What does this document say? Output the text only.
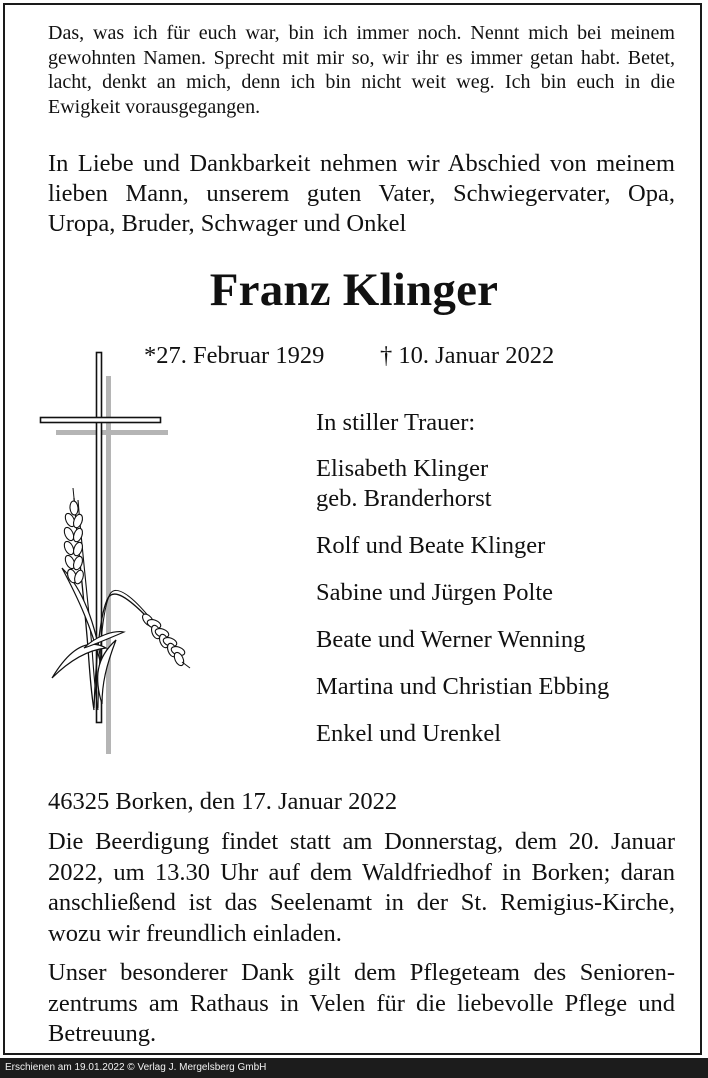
Das, was ich für euch war, bin ich immer noch. Nennt mich bei meinem gewohnten Namen. Sprecht mit mir so, wir ihr es immer getan habt. Betet, lacht, denkt an mich, denn ich bin nicht weit weg. Ich bin euch in die Ewigkeit vorausgegangen.
In Liebe und Dankbarkeit nehmen wir Abschied von meinem lieben Mann, unserem guten Vater, Schwiegervater, Opa, Uropa, Bruder, Schwager und Onkel
Franz Klinger
*27. Februar 1929 † 10. Januar 2022
In stiller Trauer:
Elisabeth Klinger
geb. Branderhorst
Rolf und Beate Klinger
Sabine und Jürgen Polte
Beate und Werner Wenning
Martina und Christian Ebbing
Enkel und Urenkel
46325 Borken, den 17. Januar 2022
Die Beerdigung findet statt am Donnerstag, dem 20. Januar 2022, um 13.30 Uhr auf dem Waldfriedhof in Borken; daran anschließend ist das Seelenamt in der St. Remigius-Kirche, wozu wir freundlich einladen.
Unser besonderer Dank gilt dem Pflegeteam des Seniorenzentrums am Rathaus in Velen für die liebevolle Pflege und Betreuung.
Erschienen am 19.01.2022 © Verlag J. Mergelsberg GmbH
